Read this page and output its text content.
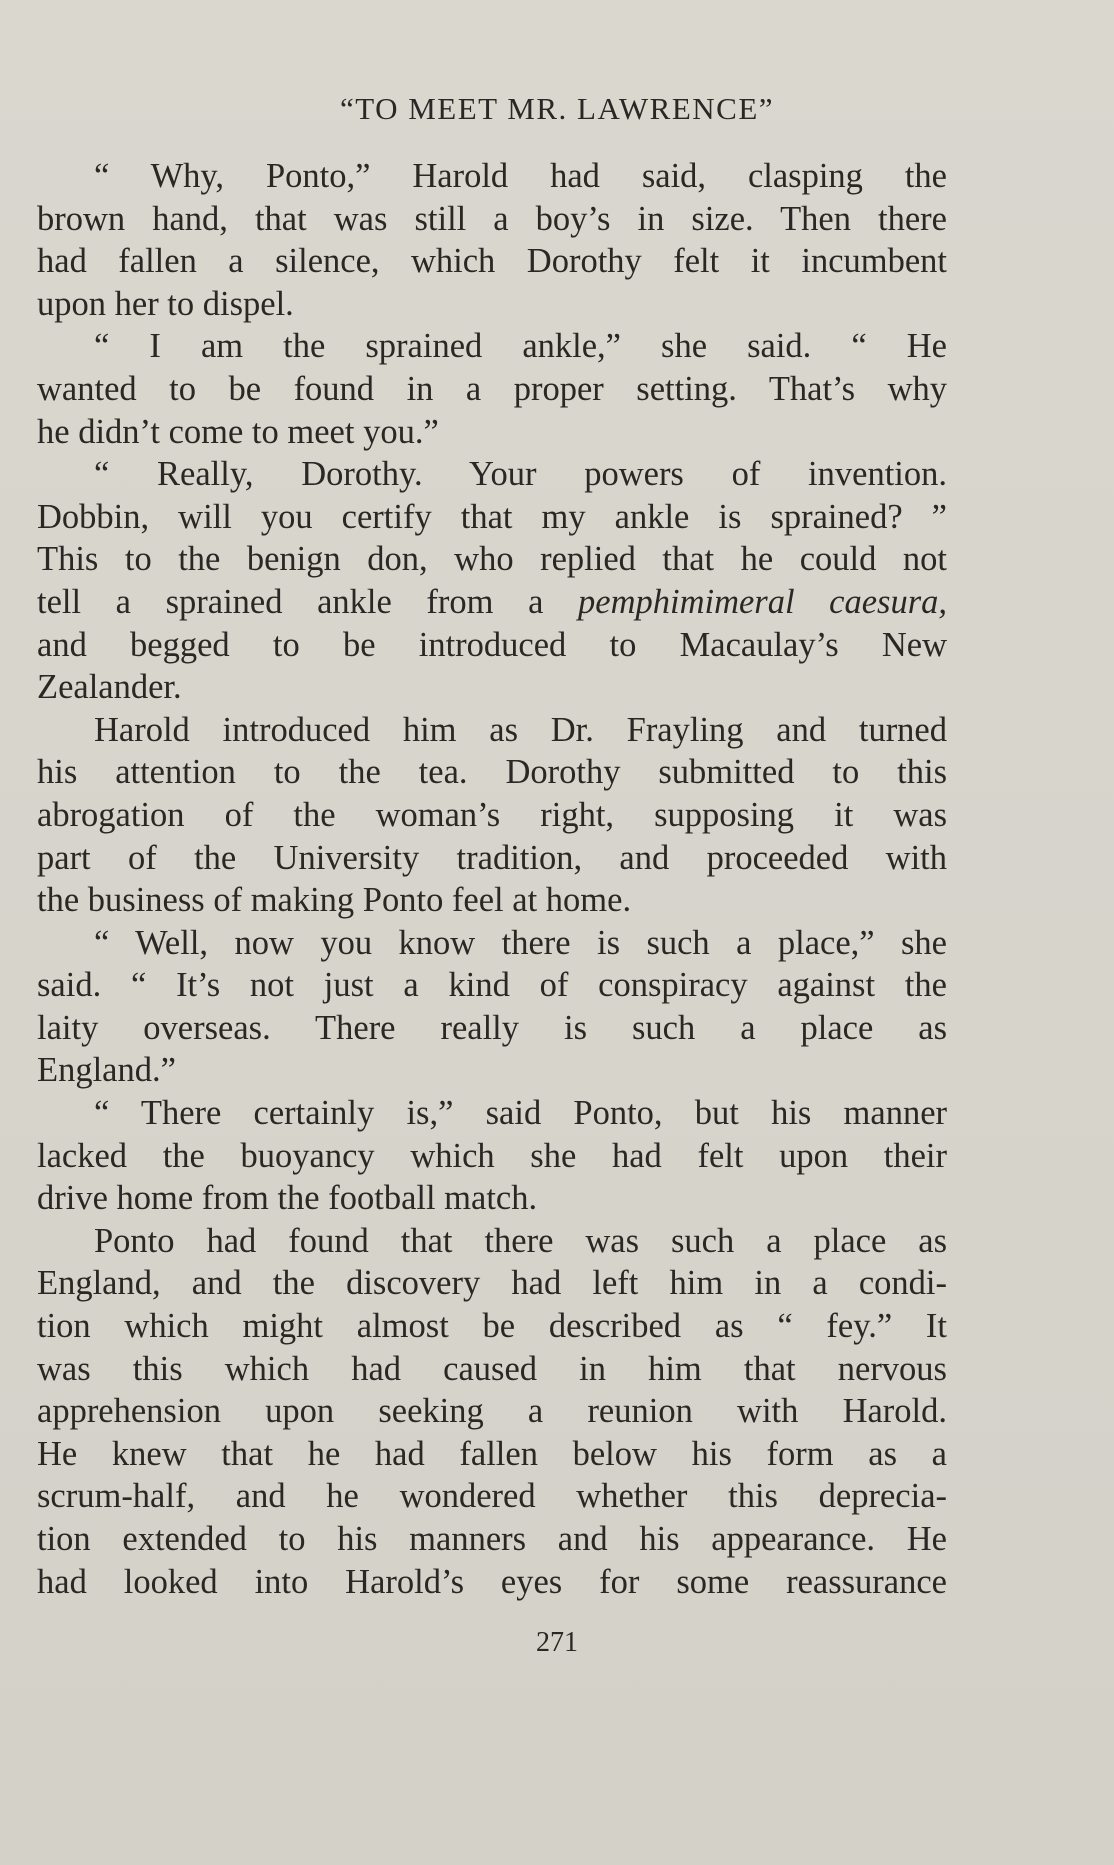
“TO MEET MR. LAWRENCE”
“ Why, Ponto,” Harold had said, clasping the
brown hand, that was still a boy’s in size. Then there
had fallen a silence, which Dorothy felt it incumbent
upon her to dispel.
“ I am the sprained ankle,” she said. “ He
wanted to be found in a proper setting. That’s why
he didn’t come to meet you.”
“ Really, Dorothy. Your powers of invention.
Dobbin, will you certify that my ankle is sprained? ”
This to the benign don, who replied that he could not
tell a sprained ankle from a pemphimimeral caesura,
and begged to be introduced to Macaulay’s New
Zealander.
Harold introduced him as Dr. Frayling and turned
his attention to the tea. Dorothy submitted to this
abrogation of the woman’s right, supposing it was
part of the University tradition, and proceeded with
the business of making Ponto feel at home.
“ Well, now you know there is such a place,” she
said. “ It’s not just a kind of conspiracy against the
laity overseas. There really is such a place as
England.”
“ There certainly is,” said Ponto, but his manner
lacked the buoyancy which she had felt upon their
drive home from the football match.
Ponto had found that there was such a place as
England, and the discovery had left him in a condi-
tion which might almost be described as “ fey.” It
was this which had caused in him that nervous
apprehension upon seeking a reunion with Harold.
He knew that he had fallen below his form as a
scrum-half, and he wondered whether this deprecia-
tion extended to his manners and his appearance. He
had looked into Harold’s eyes for some reassurance
271
